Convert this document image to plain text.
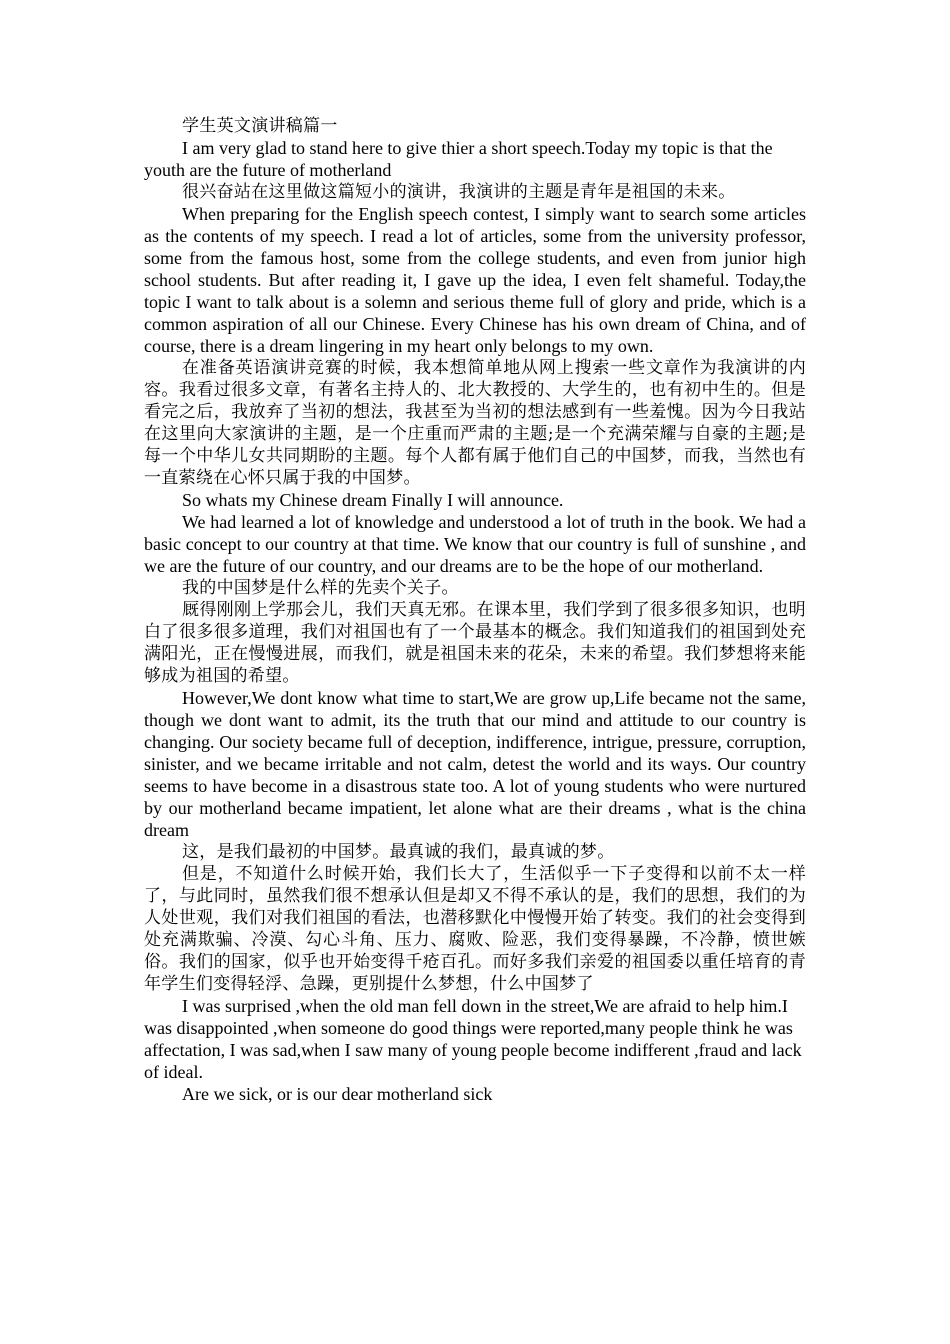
学生英文演讲稿篇一

I am very glad to stand here to give thier a short speech.Today my topic is that the youth are the future of motherland

很兴奋站在这里做这篇短小的演讲，我演讲的主题是青年是祖国的未来。

When preparing for the English speech contest, I simply want to search some articles as the contents of my speech. I read a lot of articles, some from the university professor, some from the famous host, some from the college students, and even from junior high school students. But after reading it, I gave up the idea, I even felt shameful. Today,the topic I want to talk about is a solemn and serious theme full of glory and pride, which is a common aspiration of all our Chinese. Every Chinese has his own dream of China, and of course, there is a dream lingering in my heart only belongs to my own.

在准备英语演讲竞赛的时候，我本想简单地从网上搜索一些文章作为我演讲的内容。我看过很多文章，有著名主持人的、北大教授的、大学生的，也有初中生的。但是看完之后，我放弃了当初的想法，我甚至为当初的想法感到有一些羞愧。因为今日我站在这里向大家演讲的主题，是一个庄重而严肃的主题;是一个充满荣耀与自豪的主题;是每一个中华儿女共同期盼的主题。每个人都有属于他们自己的中国梦，而我，当然也有一直萦绕在心怀只属于我的中国梦。

So whats my Chinese dream Finally I will announce.

We had learned a lot of knowledge and understood a lot of truth in the book. We had a basic concept to our country at that time. We know that our country is full of sunshine , and we are the future of our country, and our dreams are to be the hope of our motherland.

我的中国梦是什么样的先卖个关子。

厩得刚刚上学那会儿，我们天真无邪。在课本里，我们学到了很多很多知识，也明白了很多很多道理，我们对祖国也有了一个最基本的概念。我们知道我们的祖国到处充满阳光，正在慢慢进展，而我们，就是祖国未来的花朵，未来的希望。我们梦想将来能够成为祖国的希望。

However,We dont know what time to start,We are grow up,Life became not the same, though we dont want to admit, its the truth that our mind and attitude to our country is changing. Our society became full of deception, indifference, intrigue, pressure, corruption, sinister, and we became irritable and not calm, detest the world and its ways. Our country seems to have become in a disastrous state too. A lot of young students who were nurtured by our motherland became impatient, let alone what are their dreams , what is the china dream

这，是我们最初的中国梦。最真诚的我们，最真诚的梦。

但是，不知道什么时候开始，我们长大了，生活似乎一下子变得和以前不太一样了，与此同时，虽然我们很不想承认但是却又不得不承认的是，我们的思想，我们的为人处世观，我们对我们祖国的看法，也潜移默化中慢慢开始了转变。我们的社会变得到处充满欺骗、冷漠、勾心斗角、压力、腐败、险恶，我们变得暴躁，不冷静，愤世嫉俗。我们的国家，似乎也开始变得千疮百孔。而好多我们亲爱的祖国委以重任培育的青年学生们变得轻浮、急躁，更别提什么梦想，什么中国梦了

I was surprised ,when the old man fell down in the street,We are afraid to help him.I was disappointed ,when someone do good things were reported,many people think he was affectation, I was sad,when I saw many of young people become indifferent ,fraud and lack of ideal.

Are we sick, or is our dear motherland sick
